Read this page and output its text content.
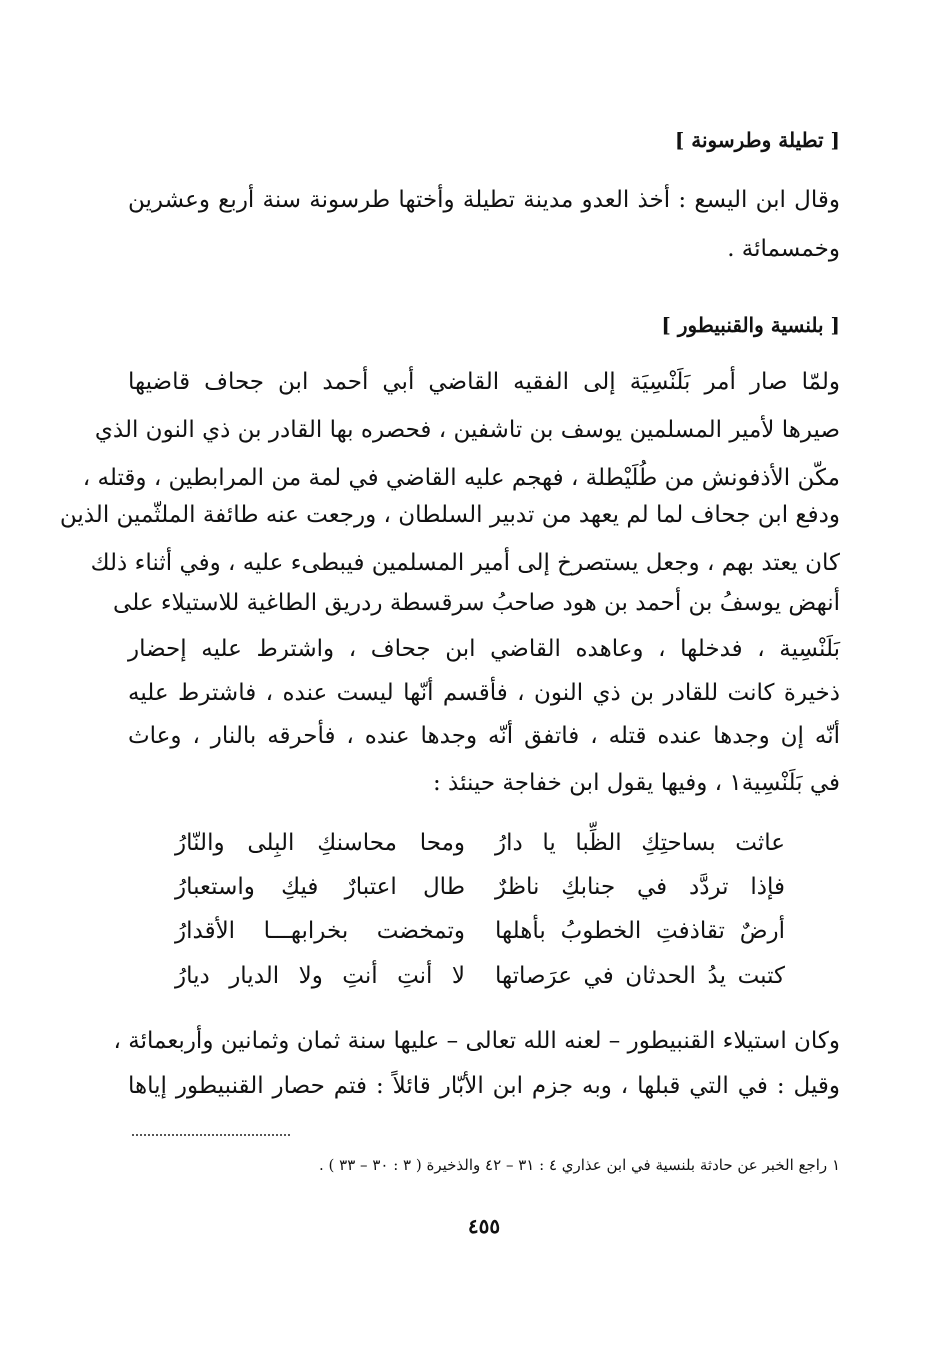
[ تطيلة وطرسونة ]
وقال ابن اليسع : أخذ العدو مدينة تطيلة وأختها طرسونة سنة أربع وعشرين
وخمسمائة .
[ بلنسية والقنبيطور ]
ولمّا صار أمر بَلَنْسِيَة إلى الفقيه القاضي أبي أحمد ابن جحاف قاضيها
صيرها لأمير المسلمين يوسف بن تاشفين ، فحصره بها القادر بن ذي النون الذي
مكّن الأذفونش من طُلَيْطلة ، فهجم عليه القاضي في لمة من المرابطين ، وقتله ،
ودفع ابن جحاف لما لم يعهد من تدبير السلطان ، ورجعت عنه طائفة الملثّمين الذين
كان يعتد بهم ، وجعل يستصرخ إلى أمير المسلمين فيبطىء عليه ، وفي أثناء ذلك
أنهض يوسفُ بن أحمد بن هود صاحبُ سرقسطة ردريق الطاغية للاستيلاء على
بَلَنْسِية ، فدخلها ، وعاهده القاضي ابن جحاف ، واشترط عليه إحضار
ذخيرة كانت للقادر بن ذي النون ، فأقسم أنّها ليست عنده ، فاشترط عليه
أنّه إن وجدها عنده قتله ، فاتفق أنّه وجدها عنده ، فأحرقه بالنار ، وعاث
في بَلَنْسِية١ ، وفيها يقول ابن خفاجة حينئذ :
عاثت بساحتِكِ الظِّبا يا دارُ
ومحا محاسنكِ البِلى والنّارُ
فإذا تردَّد في جنابكِ ناظرٌ
طال اعتبارٌ فيكِ واستعبارُ
أرضٌ تقاذفتِ الخطوبُ بأهلها
وتمخضت بخرابهـــا الأقدارُ
كتبت يدُ الحدثان في عرَصاتها
لا أنتِ أنتِ ولا الديار ديارُ
وكان استيلاء القنبيطور – لعنه الله تعالى – عليها سنة ثمان وثمانين وأربعمائة ،
وقيل : في التي قبلها ، وبه جزم ابن الأبّار قائلاً : فتم حصار القنبيطور إياها
١ راجع الخبر عن حادثة بلنسية في ابن عذاري ٤ : ٣١ – ٤٢ والذخيرة ( ٣ : ٣٠ – ٣٣ ) .
٤٥٥
